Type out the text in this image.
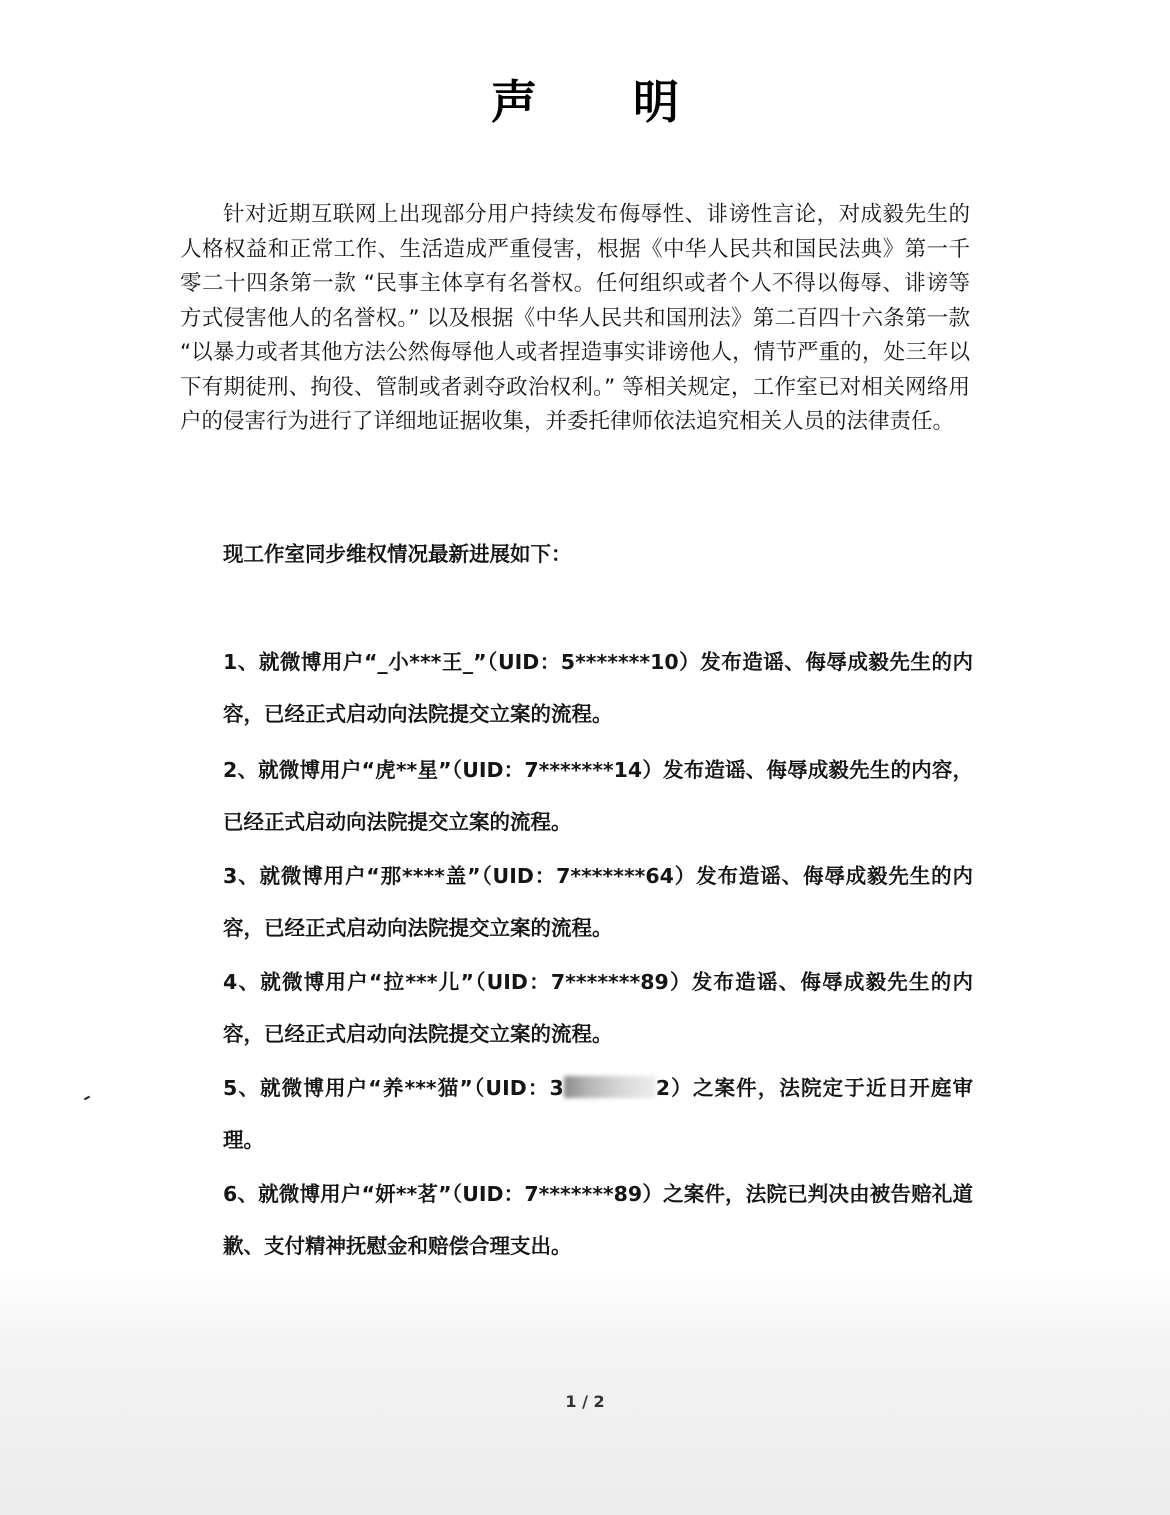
声 明

针对近期互联网上出现部分用户持续发布侮辱性、诽谤性言论，对成毅先生的人格权益和正常工作、生活造成严重侵害，根据《中华人民共和国民法典》第一千零二十四条第一款 “民事主体享有名誉权。任何组织或者个人不得以侮辱、诽谤等方式侵害他人的名誉权。” 以及根据《中华人民共和国刑法》第二百四十六条第一款 “以暴力或者其他方法公然侮辱他人或者捏造事实诽谤他人，情节严重的，处三年以下有期徒刑、拘役、管制或者剥夺政治权利。” 等相关规定，工作室已对相关网络用户的侵害行为进行了详细地证据收集，并委托律师依法追究相关人员的法律责任。

现工作室同步维权情况最新进展如下：

1、就微博用户“_小***王_”（UID：5*******10）发布造谣、侮辱成毅先生的内容，已经正式启动向法院提交立案的流程。

2、就微博用户“虎**星”（UID：7*******14）发布造谣、侮辱成毅先生的内容，已经正式启动向法院提交立案的流程。

3、就微博用户“那****盖”（UID：7*******64）发布造谣、侮辱成毅先生的内容，已经正式启动向法院提交立案的流程。

4、就微博用户“拉***儿”（UID：7*******89）发布造谣、侮辱成毅先生的内容，已经正式启动向法院提交立案的流程。

5、就微博用户“养***猫”（UID：3	2）之案件，法院定于近日开庭审理。

6、就微博用户“妍**茗”（UID：7*******89）之案件，法院已判决由被告赔礼道歉、支付精神抚慰金和赔偿合理支出。

1 / 2
